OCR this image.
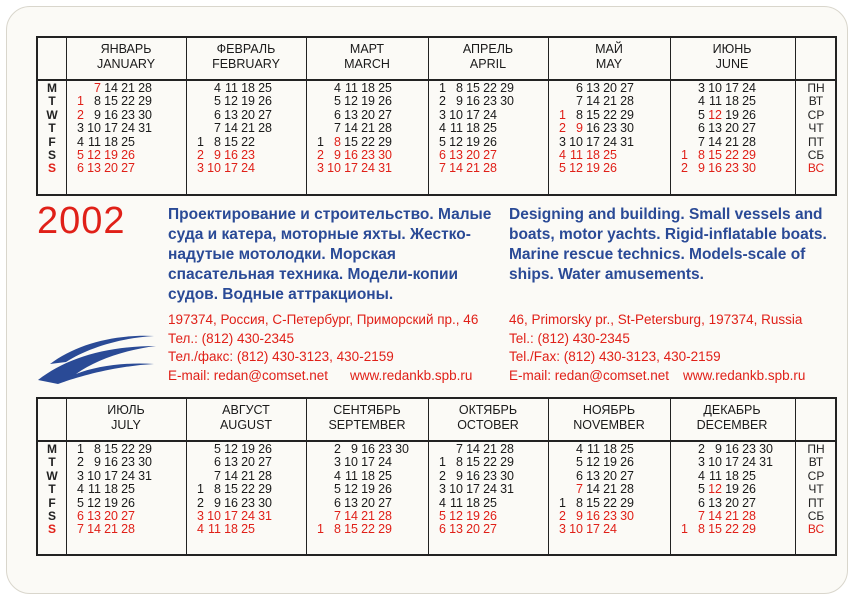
ЯНВАРЬ
JANUARY
ФЕВРАЛЬ
FEBRUARY
МАРТ
MARCH
АПРЕЛЬ
APRIL
МАЙ
MAY
ИЮНЬ
JUNE
M
T
W
T
F
S
S
ПН
ВТ
СР
ЧТ
ПТ
СБ
ВС
7 14 21 28
1 8 15 22 29
2 9 16 23 30
3 10 17 24 31
4 11 18 25
5 12 19 26
6 13 20 27
4 11 18 25
5 12 19 26
6 13 20 27
7 14 21 28
1 8 15 22
2 9 16 23
3 10 17 24
4 11 18 25
5 12 19 26
6 13 20 27
7 14 21 28
1 8 15 22 29
2 9 16 23 30
3 10 17 24 31
1 8 15 22 29
2 9 16 23 30
3 10 17 24
4 11 18 25
5 12 19 26
6 13 20 27
7 14 21 28
6 13 20 27
7 14 21 28
1 8 15 22 29
2 9 16 23 30
3 10 17 24 31
4 11 18 25
5 12 19 26
3 10 17 24
4 11 18 25
5 12 19 26
6 13 20 27
7 14 21 28
1 8 15 22 29
2 9 16 23 30
2002	Проектирование и строительство. Малые суда и катера, моторные яхты. Жестко-надутые мотолодки. Морская спасательная техника. Модели-копии судов. Водные аттракционы.
Designing and building. Small vessels and boats, motor yachts. Rigid-inflatable boats. Marine rescue technics. Models-scale of ships. Water amusements.
197374, Россия, С-Петербург, Приморский пр., 46
Тел.: (812) 430-2345
Тел./факс: (812) 430-3123, 430-2159
E-mail: redan@comset.net www.redankb.spb.ru
46, Primorsky pr., St-Petersburg, 197374, Russia
Tel.: (812) 430-2345
Tel./Fax: (812) 430-3123, 430-2159
E-mail: redan@comset.net www.redankb.spb.ru
ИЮЛЬ
JULY
АВГУСТ
AUGUST
СЕНТЯБРЬ
SEPTEMBER
ОКТЯБРЬ
OCTOBER
НОЯБРЬ
NOVEMBER
ДЕКАБРЬ
DECEMBER
M
T
W
T
F
S
S
ПН
ВТ
СР
ЧТ
ПТ
СБ
ВС
1 8 15 22 29
2 9 16 23 30
3 10 17 24 31
4 11 18 25
5 12 19 26
6 13 20 27
7 14 21 28
5 12 19 26
6 13 20 27
7 14 21 28
1 8 15 22 29
2 9 16 23 30
3 10 17 24 31
4 11 18 25
2 9 16 23 30
3 10 17 24
4 11 18 25
5 12 19 26
6 13 20 27
7 14 21 28
1 8 15 22 29
7 14 21 28
1 8 15 22 29
2 9 16 23 30
3 10 17 24 31
4 11 18 25
5 12 19 26
6 13 20 27
4 11 18 25
5 12 19 26
6 13 20 27
7 14 21 28
1 8 15 22 29
2 9 16 23 30
3 10 17 24
2 9 16 23 30
3 10 17 24 31
4 11 18 25
5 12 19 26
6 13 20 27
7 14 21 28
1 8 15 22 29
